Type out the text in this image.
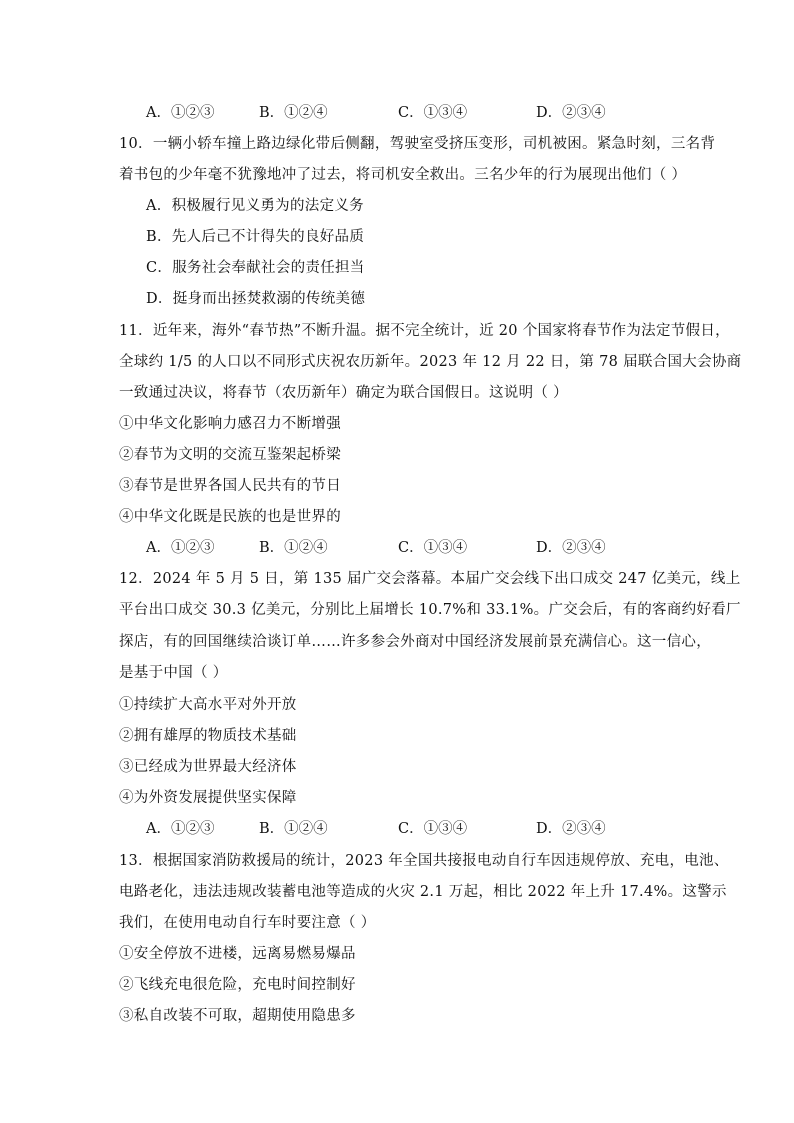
A．①②③	B．①②④	C．①③④	D．②③④
10．一辆小轿车撞上路边绿化带后侧翻，驾驶室受挤压变形，司机被困。紧急时刻，三名背
着书包的少年毫不犹豫地冲了过去，将司机安全救出。三名少年的行为展现出他们（ ）
A．积极履行见义勇为的法定义务
B．先人后己不计得失的良好品质
C．服务社会奉献社会的责任担当
D．挺身而出拯焚救溺的传统美德
11．近年来，海外“春节热”不断升温。据不完全统计，近 20 个国家将春节作为法定节假日，
全球约 1/5 的人口以不同形式庆祝农历新年。2023 年 12 月 22 日，第 78 届联合国大会协商
一致通过决议，将春节（农历新年）确定为联合国假日。这说明（ ）
①中华文化影响力感召力不断增强
②春节为文明的交流互鉴架起桥梁
③春节是世界各国人民共有的节日
④中华文化既是民族的也是世界的
A．①②③	B．①②④	C．①③④	D．②③④
12．2024 年 5 月 5 日，第 135 届广交会落幕。本届广交会线下出口成交 247 亿美元，线上
平台出口成交 30.3 亿美元，分别比上届增长 10.7%和 33.1%。广交会后，有的客商约好看厂
探店，有的回国继续洽谈订单……许多参会外商对中国经济发展前景充满信心。这一信心，
是基于中国（ ）
①持续扩大高水平对外开放
②拥有雄厚的物质技术基础
③已经成为世界最大经济体
④为外资发展提供坚实保障
A．①②③	B．①②④	C．①③④	D．②③④
13．根据国家消防救援局的统计，2023 年全国共接报电动自行车因违规停放、充电，电池、
电路老化，违法违规改装蓄电池等造成的火灾 2.1 万起，相比 2022 年上升 17.4%。这警示
我们，在使用电动自行车时要注意（ ）
①安全停放不进楼，远离易燃易爆品
②飞线充电很危险，充电时间控制好
③私自改装不可取，超期使用隐患多
